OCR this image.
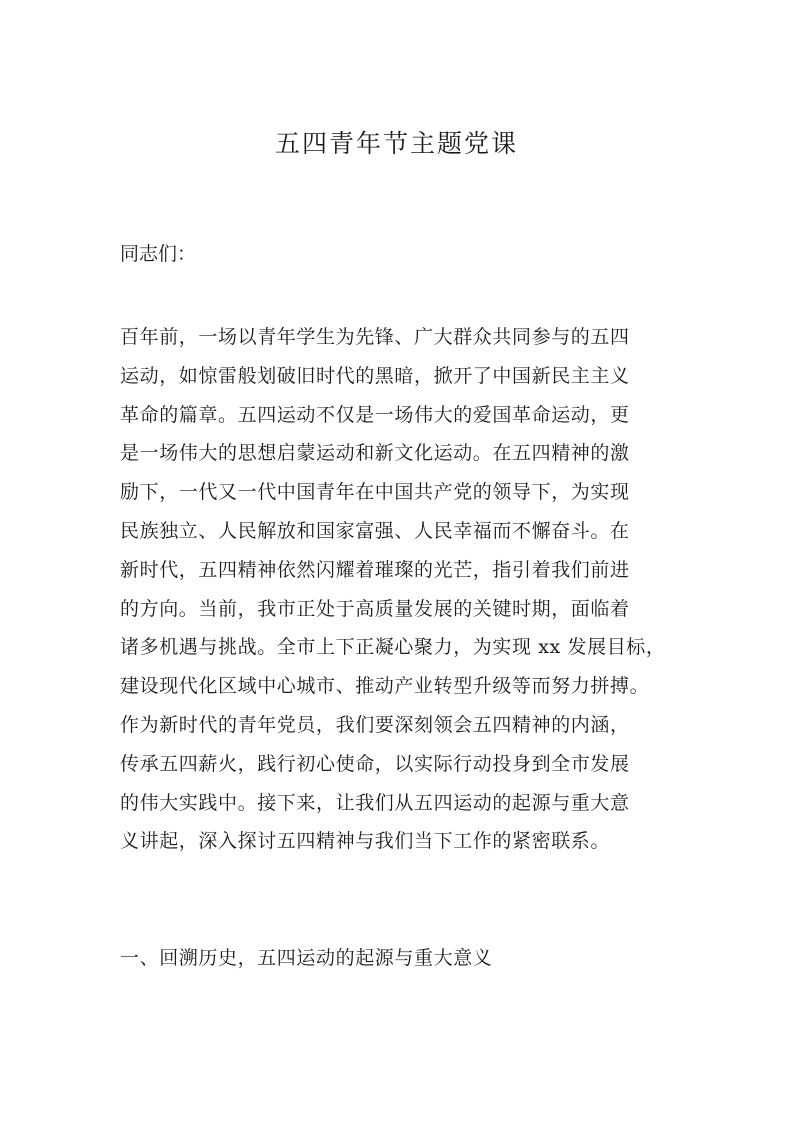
五四青年节主题党课

同志们：

百年前，一场以青年学生为先锋、广大群众共同参与的五四
运动，如惊雷般划破旧时代的黑暗，掀开了中国新民主主义
革命的篇章。五四运动不仅是一场伟大的爱国革命运动，更
是一场伟大的思想启蒙运动和新文化运动。在五四精神的激
励下，一代又一代中国青年在中国共产党的领导下，为实现
民族独立、人民解放和国家富强、人民幸福而不懈奋斗。在
新时代，五四精神依然闪耀着璀璨的光芒，指引着我们前进
的方向。当前，我市正处于高质量发展的关键时期，面临着
诸多机遇与挑战。全市上下正凝心聚力，为实现 xx 发展目标，
建设现代化区域中心城市、推动产业转型升级等而努力拼搏。
作为新时代的青年党员，我们要深刻领会五四精神的内涵，
传承五四薪火，践行初心使命，以实际行动投身到全市发展
的伟大实践中。接下来，让我们从五四运动的起源与重大意
义讲起，深入探讨五四精神与我们当下工作的紧密联系。
一、回溯历史，五四运动的起源与重大意义
